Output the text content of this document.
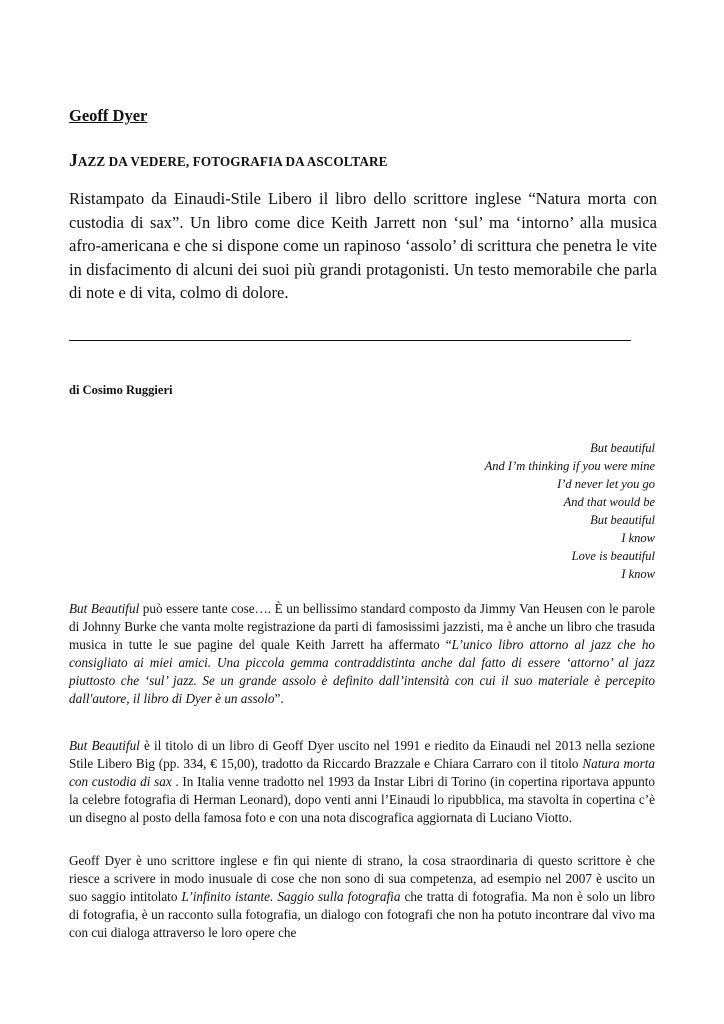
Geoff Dyer
JAZZ DA VEDERE, FOTOGRAFIA DA ASCOLTARE
Ristampato da Einaudi-Stile Libero il libro dello scrittore inglese “Natura morta con custodia di sax”. Un libro come dice Keith Jarrett non ‘sul’ ma ‘intorno’ alla musica afro-americana e che si dispone come un rapinoso ‘assolo’ di scrittura che penetra le vite in disfacimento di alcuni dei suoi più grandi protagonisti. Un testo memorabile che parla di note e di vita, colmo di dolore.
di Cosimo Ruggieri
But beautiful
And I’m thinking if you were mine
I’d never let you go
And that would be
But beautiful
I know
Love is beautiful
I know
But Beautiful può essere tante cose…. È un bellissimo standard composto da Jimmy Van Heusen con le parole di Johnny Burke che vanta molte registrazione da parti di famosissimi jazzisti, ma è anche un libro che trasuda musica in tutte le sue pagine del quale Keith Jarrett ha affermato “L’unico libro attorno al jazz che ho consigliato ai miei amici. Una piccola gemma contraddistinta anche dal fatto di essere ‘attorno’ al jazz piuttosto che ‘sul’ jazz. Se un grande assolo è definito dall’intensità con cui il suo materiale è percepito dall'autore, il libro di Dyer è un assolo”.
But Beautiful è il titolo di un libro di Geoff Dyer uscito nel 1991 e riedito da Einaudi nel 2013 nella sezione Stile Libero Big (pp. 334, € 15,00), tradotto da Riccardo Brazzale e Chiara Carraro con il titolo Natura morta con custodia di sax . In Italia venne tradotto nel 1993 da Instar Libri di Torino (in copertina riportava appunto la celebre fotografia di Herman Leonard), dopo venti anni l’Einaudi lo ripubblica, ma stavolta in copertina c’è un disegno al posto della famosa foto e con una nota discografica aggiornata di Luciano Viotto.
Geoff Dyer è uno scrittore inglese e fin qui niente di strano, la cosa straordinaria di questo scrittore è che riesce a scrivere in modo inusuale di cose che non sono di sua competenza, ad esempio nel 2007 è uscito un suo saggio intitolato L’infinito istante. Saggio sulla fotografia che tratta di fotografia. Ma non è solo un libro di fotografia, è un racconto sulla fotografia, un dialogo con fotografi che non ha potuto incontrare dal vivo ma con cui dialoga attraverso le loro opere che
